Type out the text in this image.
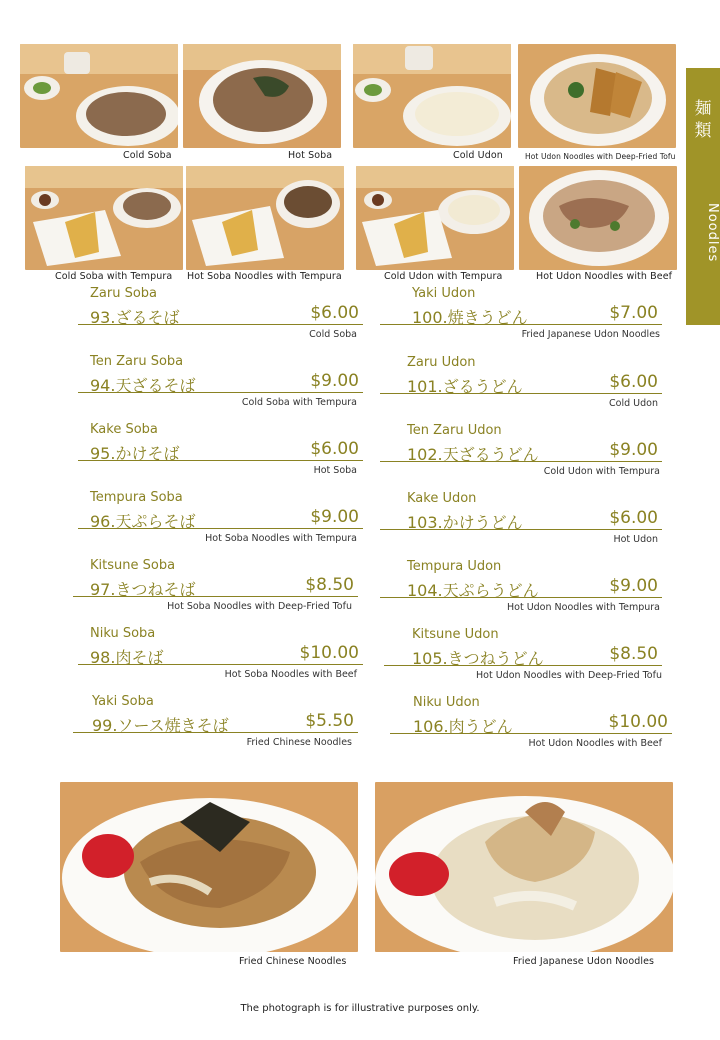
Cold Soba	Hot Soba	Cold Udon	Hot Udon Noodles with Deep-Fried Tofu
Cold Soba with Tempura Hot Soba Noodles with Tempura	Cold Udon with Tempura	Hot Udon Noodles with Beef
麺
類
Noodles
Zaru Soba
93.ざるそば	$6.00
Cold Soba
Ten Zaru Soba
94.天ざるそば	$9.00
Cold Soba with Tempura
Kake Soba
95.かけそば	$6.00
Hot Soba
Tempura Soba
96.天ぷらそば	$9.00
Hot Soba Noodles with Tempura
Kitsune Soba
97.きつねそば	$8.50
Hot Soba Noodles with Deep-Fried Tofu
Niku Soba
98.肉そば	$10.00
Hot Soba Noodles with Beef
Yaki Soba
99.ソース焼きそば	$5.50
Fried Chinese Noodles
Yaki Udon
100.焼きうどん	$7.00
Fried Japanese Udon Noodles
Zaru Udon
101.ざるうどん	$6.00
Cold Udon
Ten Zaru Udon
102.天ざるうどん	$9.00
Cold Udon with Tempura
Kake Udon
103.かけうどん	$6.00
Hot Udon
Tempura Udon
104.天ぷらうどん	$9.00
Hot Udon Noodles with Tempura
Kitsune Udon
105.きつねうどん	$8.50
Hot Udon Noodles with Deep-Fried Tofu
Niku Udon
106.肉うどん	$10.00
Hot Udon Noodles with Beef
Fried Chinese Noodles	Fried Japanese Udon Noodles
The photograph is for illustrative purposes only.
